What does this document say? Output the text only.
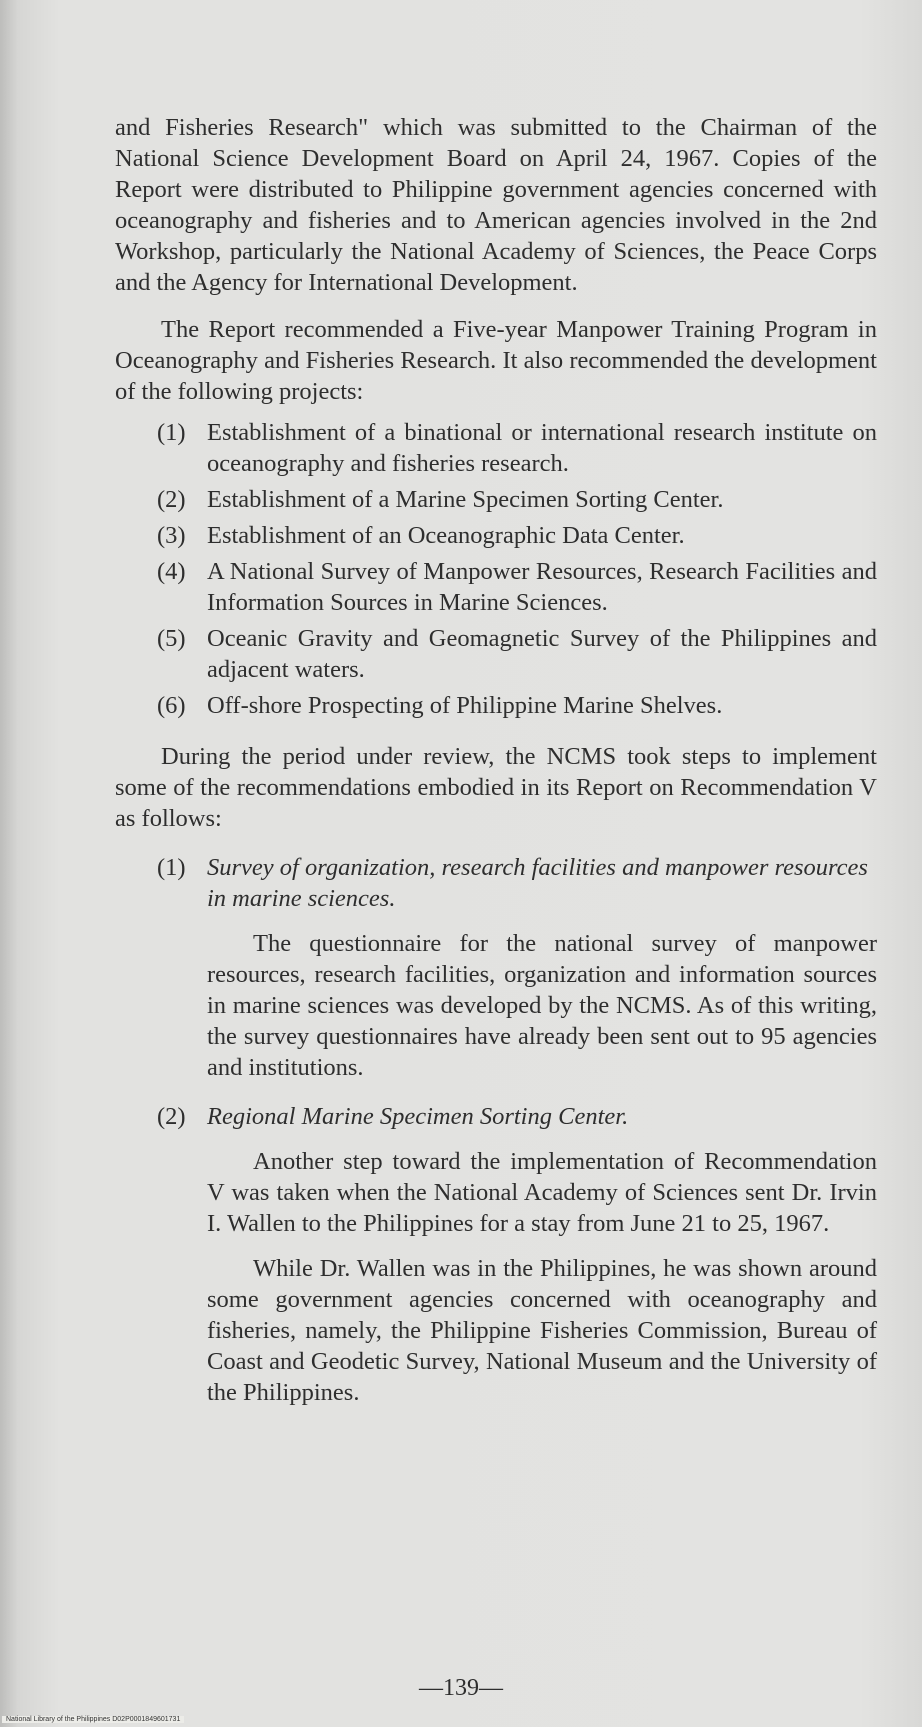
and Fisheries Research" which was submitted to the Chairman of the National Science Development Board on April 24, 1967. Copies of the Report were distributed to Philippine government agencies concerned with oceanography and fisheries and to American agencies involved in the 2nd Workshop, particularly the National Academy of Sciences, the Peace Corps and the Agency for International Development.

The Report recommended a Five-year Manpower Training Program in Oceanography and Fisheries Research. It also recommended the development of the following projects:

(1) Establishment of a binational or international research institute on oceanography and fisheries research.
(2) Establishment of a Marine Specimen Sorting Center.
(3) Establishment of an Oceanographic Data Center.
(4) A National Survey of Manpower Resources, Research Facilities and Information Sources in Marine Sciences.
(5) Oceanic Gravity and Geomagnetic Survey of the Philippines and adjacent waters.
(6) Off-shore Prospecting of Philippine Marine Shelves.

During the period under review, the NCMS took steps to implement some of the recommendations embodied in its Report on Recommendation V as follows:

(1) Survey of organization, research facilities and manpower resources in marine sciences.

The questionnaire for the national survey of manpower resources, research facilities, organization and information sources in marine sciences was developed by the NCMS. As of this writing, the survey questionnaires have already been sent out to 95 agencies and institutions.

(2) Regional Marine Specimen Sorting Center.

Another step toward the implementation of Recommendation V was taken when the National Academy of Sciences sent Dr. Irvin I. Wallen to the Philippines for a stay from June 21 to 25, 1967.

While Dr. Wallen was in the Philippines, he was shown around some government agencies concerned with oceanography and fisheries, namely, the Philippine Fisheries Commission, Bureau of Coast and Geodetic Survey, National Museum and the University of the Philippines.

—139—
National Library of the Philippines D02P0001849601731
